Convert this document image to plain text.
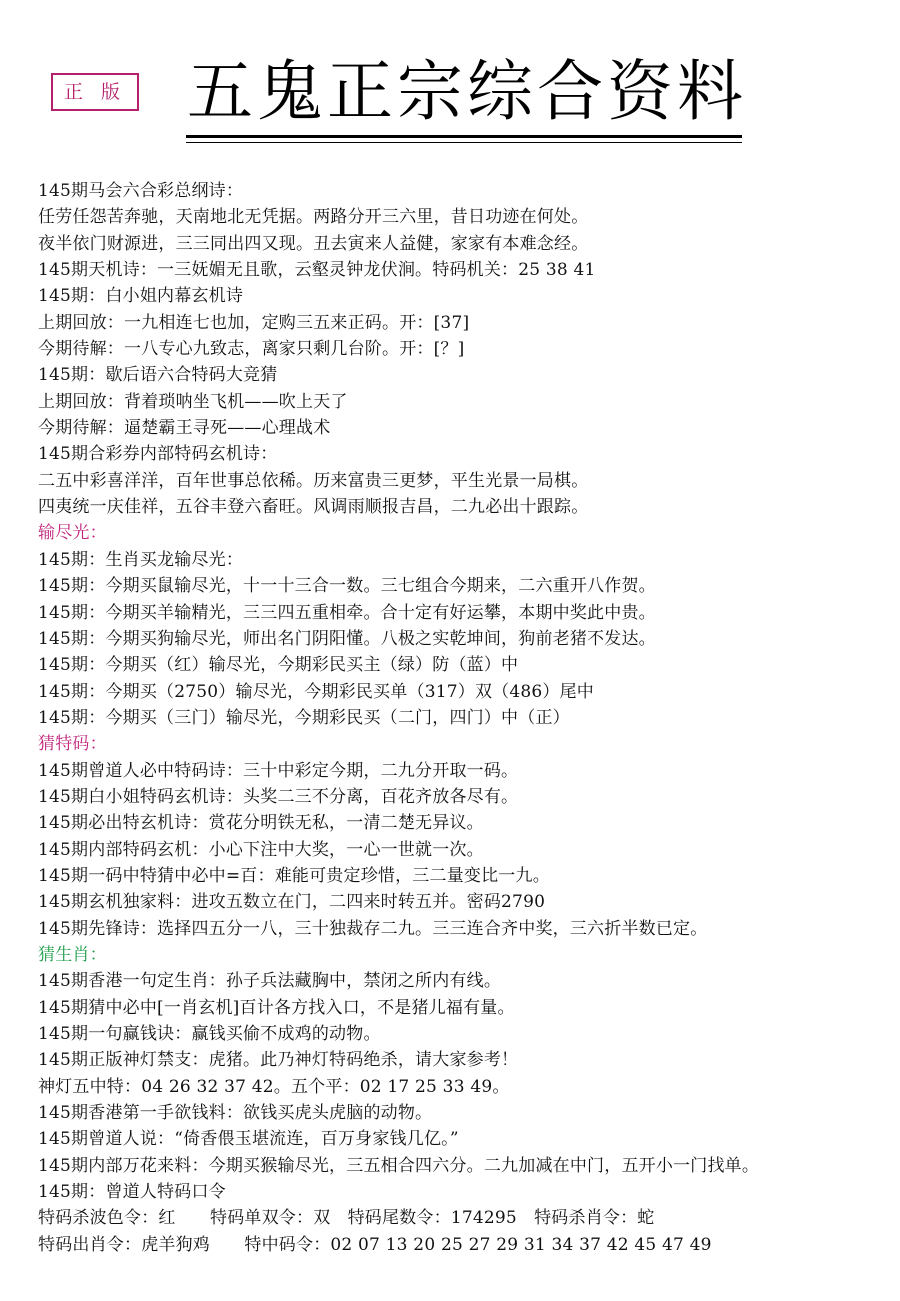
正 版 五鬼正宗综合资料
145期马会六合彩总纲诗：
任劳任怨苦奔驰，天南地北无凭据。两路分开三六里，昔日功迹在何处。
夜半依门财源进，三三同出四又现。丑去寅来人益健，家家有本难念经。
145期天机诗：一三妩媚无且歌，云壑灵钟龙伏涧。特码机关：25 38 41
145期：白小姐内幕玄机诗
上期回放：一九相连七也加，定购三五来正码。开：[37]
今期待解：一八专心九致志，离家只剩几台阶。开：[？]
145期：歇后语六合特码大竞猜
上期回放：背着琐呐坐飞机——吹上天了
今期待解：逼楚霸王寻死——心理战术
145期合彩券内部特码玄机诗：
二五中彩喜洋洋，百年世事总依稀。历来富贵三更梦，平生光景一局棋。
四夷统一庆佳祥，五谷丰登六畜旺。风调雨顺报吉昌，二九必出十跟踪。
输尽光：
145期：生肖买龙输尽光：
145期：今期买鼠输尽光，十一十三合一数。三七组合今期来，二六重开八作贺。
145期：今期买羊输精光，三三四五重相牵。合十定有好运攀，本期中奖此中贵。
145期：今期买狗输尽光，师出名门阴阳懂。八极之实乾坤间，狗前老猪不发达。
145期：今期买（红）输尽光，今期彩民买主（绿）防（蓝）中
145期：今期买（2750）输尽光，今期彩民买单（317）双（486）尾中
145期：今期买（三门）输尽光，今期彩民买（二门，四门）中（正）
猜特码：
145期曾道人必中特码诗：三十中彩定今期，二九分开取一码。
145期白小姐特码玄机诗：头奖二三不分离，百花齐放各尽有。
145期必出特玄机诗：赏花分明铁无私，一清二楚无异议。
145期内部特码玄机：小心下注中大奖，一心一世就一次。
145期一码中特猜中必中=百：难能可贵定珍惜，三二量变比一九。
145期玄机独家料：进攻五数立在门，二四来时转五并。密码2790
145期先锋诗：选择四五分一八，三十独裁存二九。三三连合齐中奖，三六折半数已定。
猜生肖：
145期香港一句定生肖：孙子兵法藏胸中，禁闭之所内有线。
145期猜中必中[一肖玄机]百计各方找入口，不是猪儿福有量。
145期一句赢钱诀：赢钱买偷不成鸡的动物。
145期正版神灯禁支：虎猪。此乃神灯特码绝杀，请大家参考！
神灯五中特：04 26 32 37 42。五个平：02 17 25 33 49。
145期香港第一手欲钱料：欲钱买虎头虎脑的动物。
145期曾道人说：“倚香偎玉堪流连，百万身家钱几亿。”
145期内部万花来料：今期买猴输尽光，三五相合四六分。二九加减在中门，五开小一门找单。
145期：曾道人特码口令
特码杀波色令：红　　特码单双令：双　特码尾数令：174295　特码杀肖令：蛇
特码出肖令：虎羊狗鸡　　特中码令：02 07 13 20 25 27 29 31 34 37 42 45 47 49
